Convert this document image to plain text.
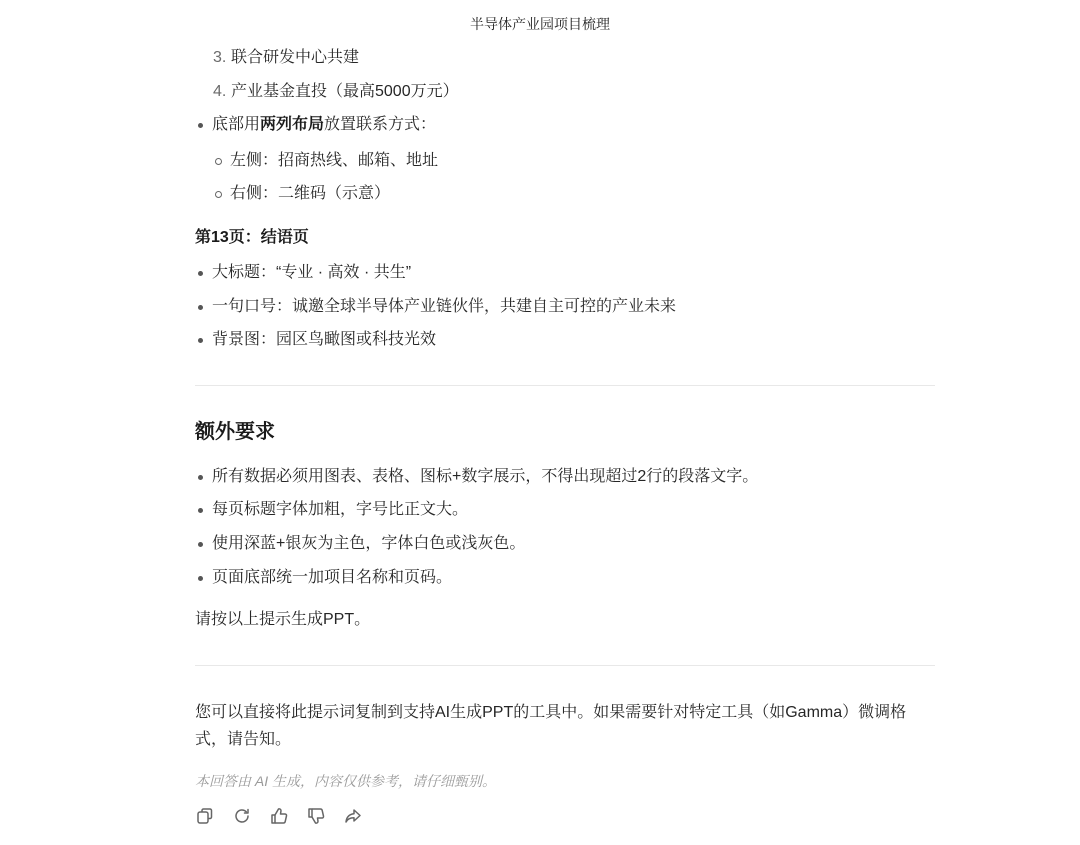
半导体产业园项目梳理
3. 联合研发中心共建
4. 产业基金直投（最高5000万元）
底部用两列布局放置联系方式：
左侧：招商热线、邮箱、地址
右侧：二维码（示意）
第13页：结语页
大标题：“专业 · 高效 · 共生”
一句口号：诚邀全球半导体产业链伙伴，共建自主可控的产业未来
背景图：园区鸟瞰图或科技光效
额外要求
所有数据必须用图表、表格、图标+数字展示，不得出现超过2行的段落文字。
每页标题字体加粗，字号比正文大。
使用深蓝+银灰为主色，字体白色或浅灰色。
页面底部统一加项目名称和页码。
请按以上提示生成PPT。
您可以直接将此提示词复制到支持AI生成PPT的工具中。如果需要针对特定工具（如Gamma）微调格式，请告知。
本回答由 AI 生成，内容仅供参考，请仔细甄别。
